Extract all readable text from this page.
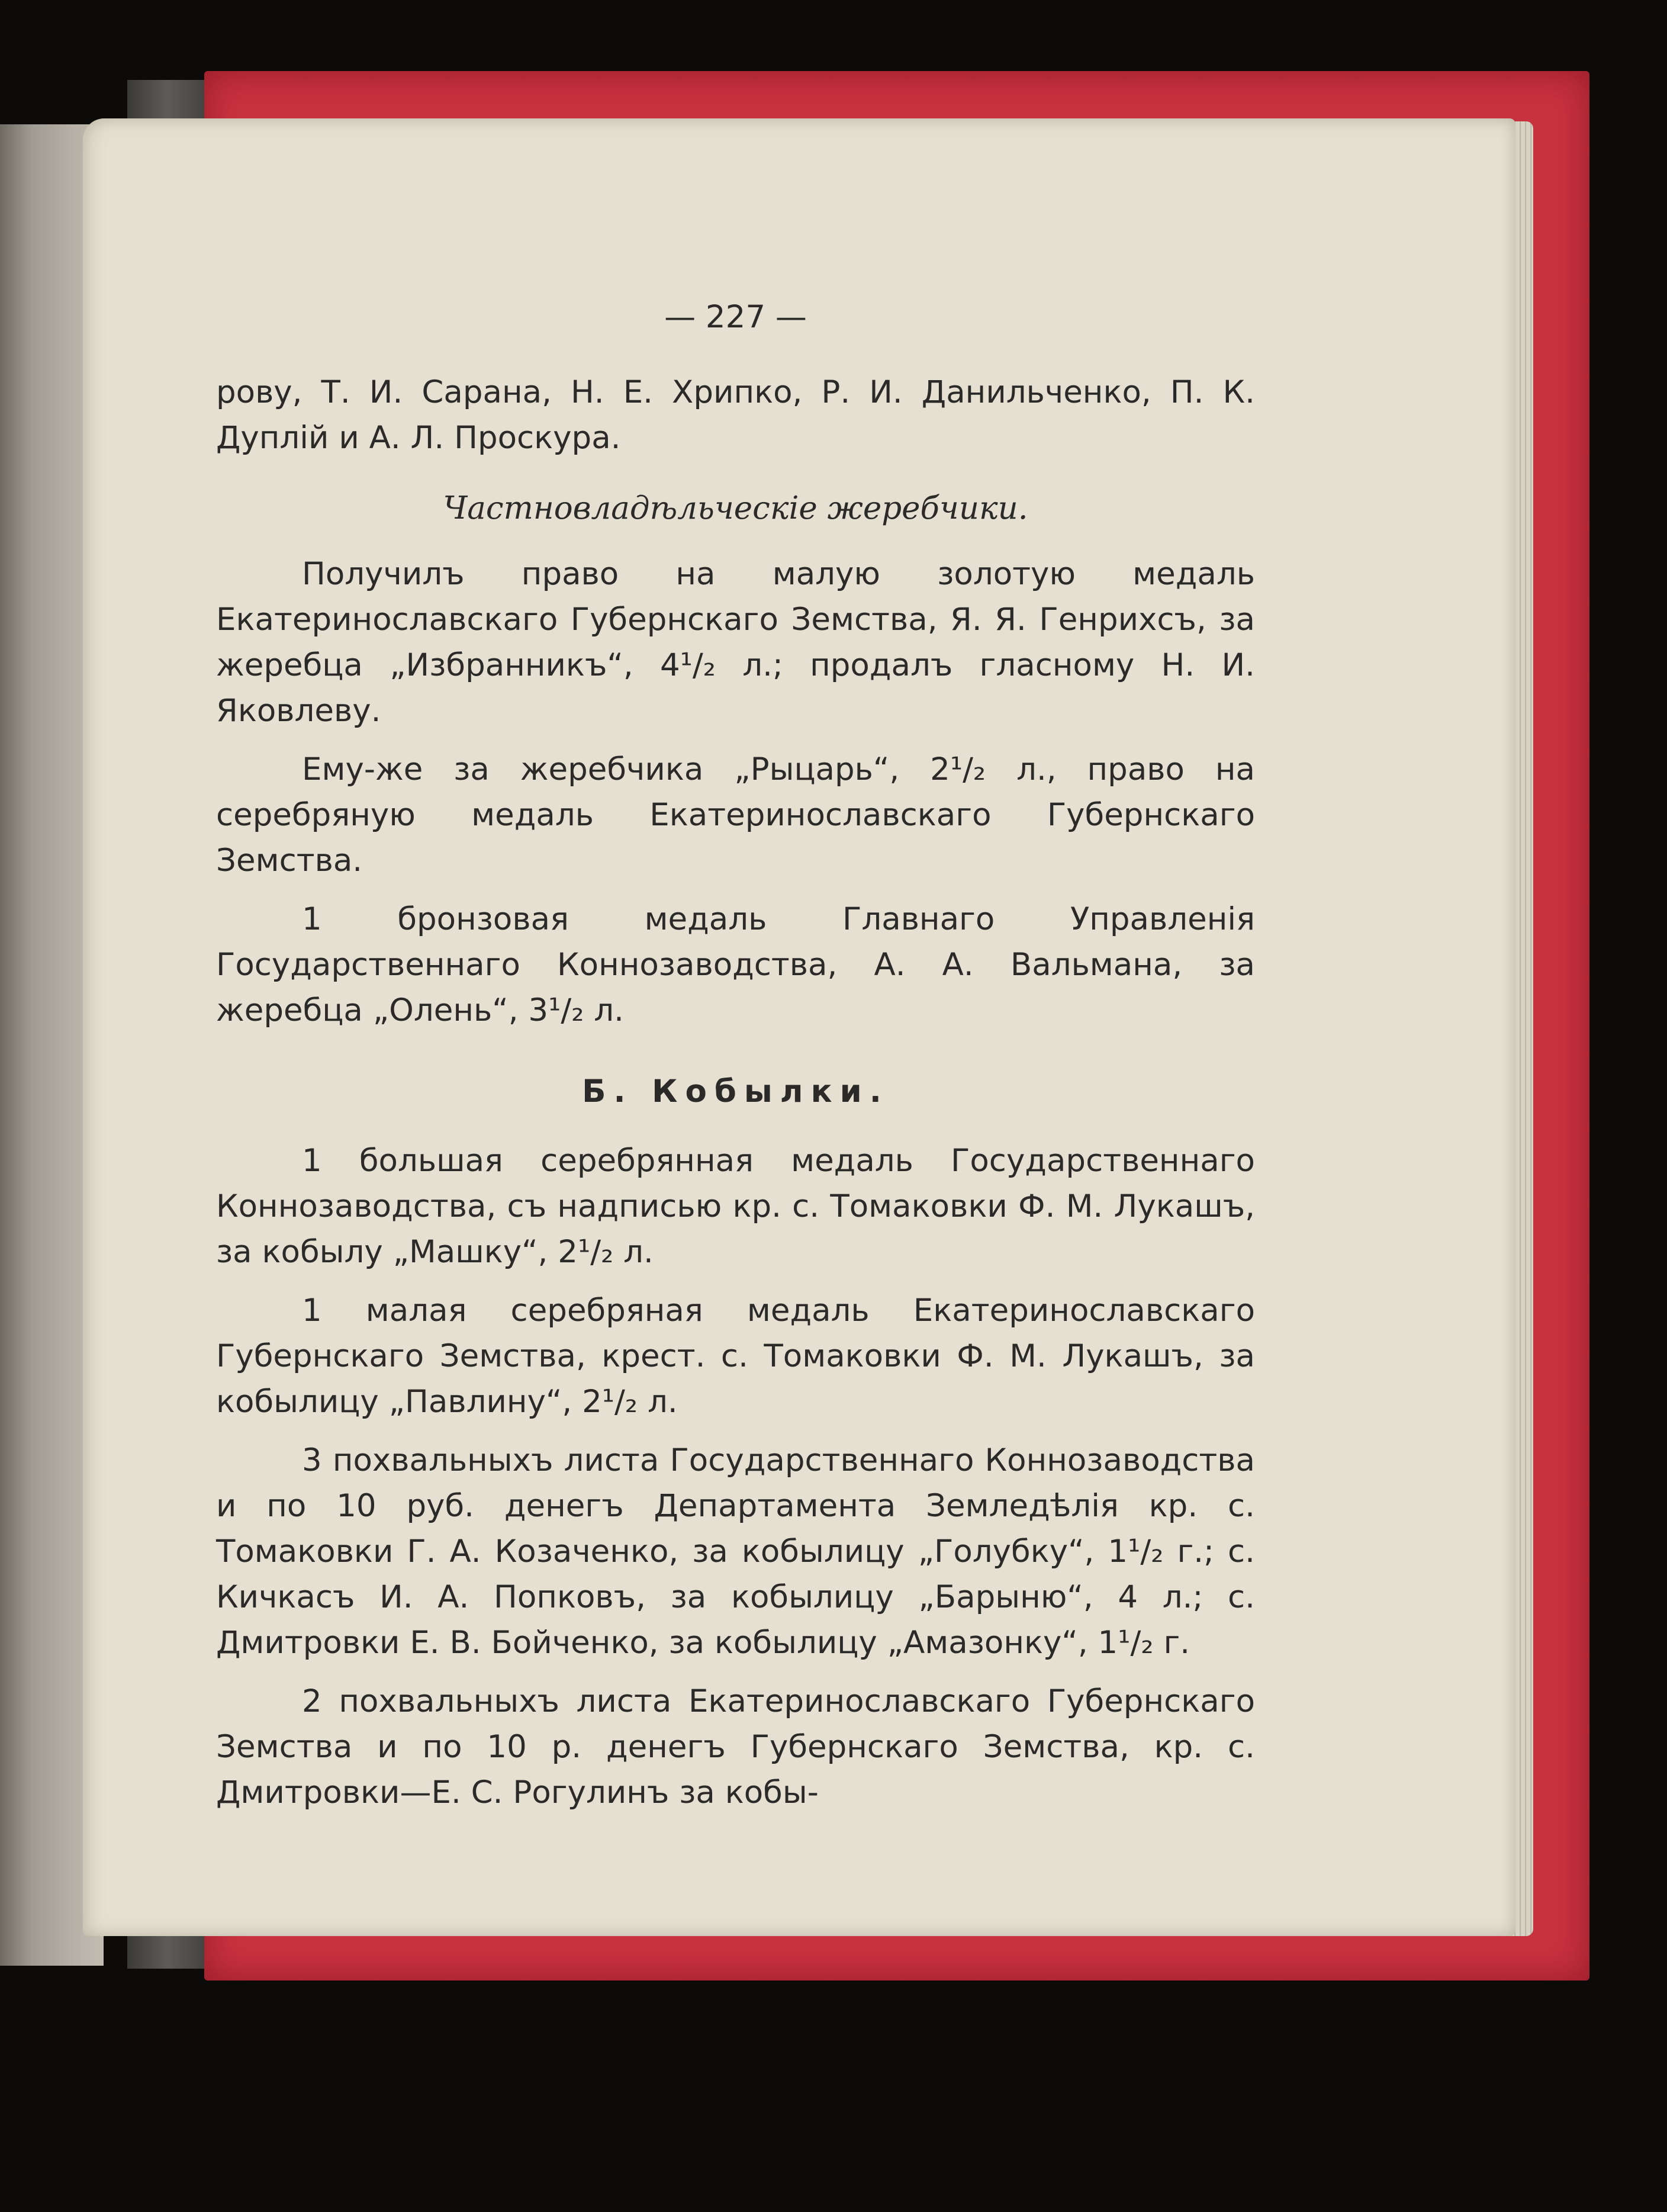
— 227 —

рову, Т. И. Сарана, Н. Е. Хрипко, Р. И. Данильченко, П. К. Дуплій и А. Л. Проскура.

Частновладѣльческіе жеребчики.

Получилъ право на малую золотую медаль Екатеринославскаго Губернскаго Земства, Я. Я. Генрихсъ, за жеребца „Избранникъ“, 4¹/₂ л.; продалъ гласному Н. И. Яковлеву.

Ему-же за жеребчика „Рыцарь“, 2¹/₂ л., право на серебряную медаль Екатеринославскаго Губернскаго Земства.

1 бронзовая медаль Главнаго Управленія Государственнаго Коннозаводства, А. А. Вальмана, за жеребца „Олень“, 3¹/₂ л.

Б. Кобылки.

1 большая серебрянная медаль Государственнаго Коннозаводства, съ надписью кр. с. Томаковки Ф. М. Лукашъ, за кобылу „Машку“, 2¹/₂ л.

1 малая серебряная медаль Екатеринославскаго Губернскаго Земства, крест. с. Томаковки Ф. М. Лукашъ, за кобылицу „Павлину“, 2¹/₂ л.

3 похвальныхъ листа Государственнаго Коннозаводства и по 10 руб. денегъ Департамента Земледѣлія кр. с. Томаковки Г. А. Козаченко, за кобылицу „Голубку“, 1¹/₂ г.; с. Кичкасъ И. А. Попковъ, за кобылицу „Барыню“, 4 л.; с. Дмитровки Е. В. Бойченко, за кобылицу „Амазонку“, 1¹/₂ г.

2 похвальныхъ листа Екатеринославскаго Губернскаго Земства и по 10 р. денегъ Губернскаго Земства, кр. с. Дмитровки—Е. С. Рогулинъ за кобы-
